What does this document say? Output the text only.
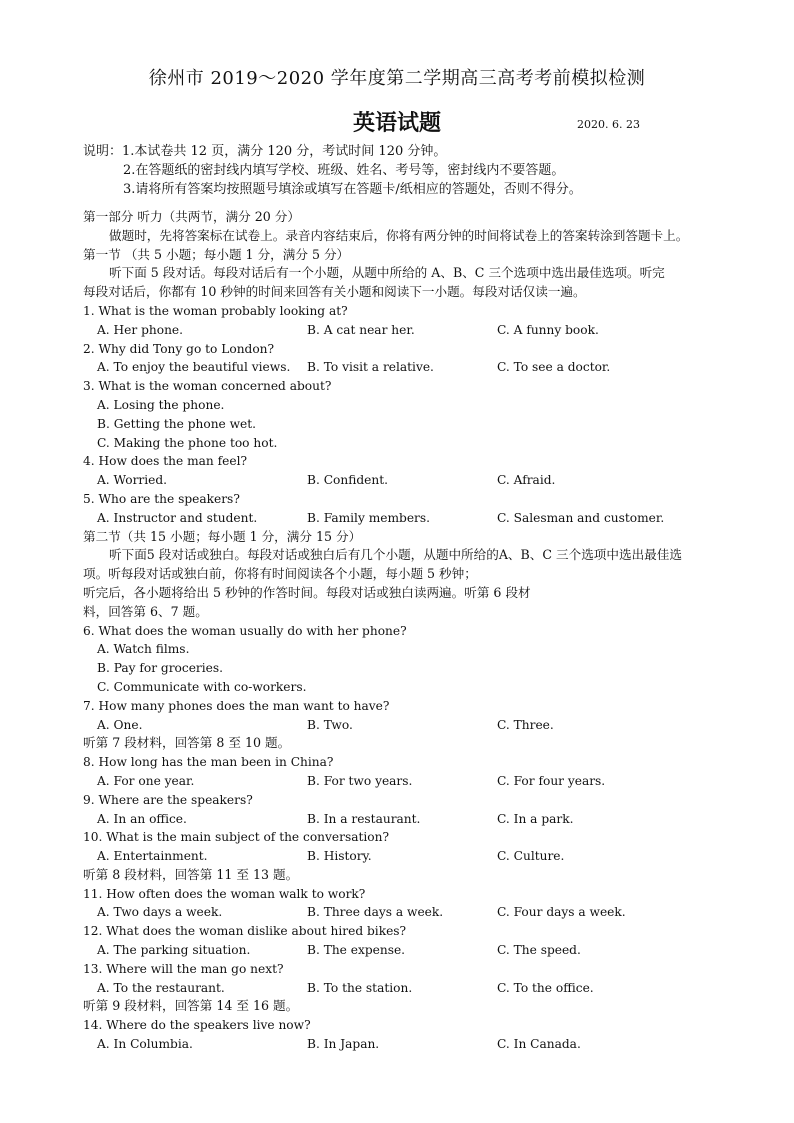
徐州市 2019～2020 学年度第二学期高三高考考前模拟检测
英语试题	2020. 6. 23
说明：1.本试卷共 12 页，满分 120 分，考试时间 120 分钟。
2.在答题纸的密封线内填写学校、班级、姓名、考号等，密封线内不要答题。
3.请将所有答案均按照题号填涂或填写在答题卡/纸相应的答题处，否则不得分。
第一部分 听力（共两节，满分 20 分）
做题时，先将答案标在试卷上。录音内容结束后，你将有两分钟的时间将试卷上的答案转涂到答题卡上。
第一节 （共 5 小题；每小题 1 分，满分 5 分）
听下面 5 段对话。每段对话后有一个小题，从题中所给的 A、B、C 三个选项中选出最佳选项。听完
每段对话后，你都有 10 秒钟的时间来回答有关小题和阅读下一小题。每段对话仅读一遍。
1. What is the woman probably looking at?
A. Her phone.	B. A cat near her.	C. A funny book.
2. Why did Tony go to London?
A. To enjoy the beautiful views.	B. To visit a relative.	C. To see a doctor.
3. What is the woman concerned about?
A. Losing the phone.
B. Getting the phone wet.
C. Making the phone too hot.
4. How does the man feel?
A. Worried.	B. Confident.	C. Afraid.
5. Who are the speakers?
A. Instructor and student.	B. Family members.	C. Salesman and customer.
第二节（共 15 小题；每小题 1 分，满分 15 分）
听下面5 段对话或独白。每段对话或独白后有几个小题，从题中所给的A、B、C 三个选项中选出最佳选
项。听每段对话或独白前，你将有时间阅读各个小题，每小题 5 秒钟；
听完后，各小题将给出 5 秒钟的作答时间。每段对话或独白读两遍。听第 6 段材
料，回答第 6、7 题。
6. What does the woman usually do with her phone?
A. Watch films.
B. Pay for groceries.
C. Communicate with co-workers.
7. How many phones does the man want to have?
A. One.	B. Two.	C. Three.
听第 7 段材料，回答第 8 至 10 题。
8. How long has the man been in China?
A. For one year.	B. For two years.	C. For four years.
9. Where are the speakers?
A. In an office.	B. In a restaurant.	C. In a park.
10. What is the main subject of the conversation?
A. Entertainment.	B. History.	C. Culture.
听第 8 段材料，回答第 11 至 13 题。
11. How often does the woman walk to work?
A. Two days a week.	B. Three days a week.	C. Four days a week.
12. What does the woman dislike about hired bikes?
A. The parking situation.	B. The expense.	C. The speed.
13. Where will the man go next?
A. To the restaurant.	B. To the station.	C. To the office.
听第 9 段材料，回答第 14 至 16 题。
14. Where do the speakers live now?
A. In Columbia.	B. In Japan.	C. In Canada.
